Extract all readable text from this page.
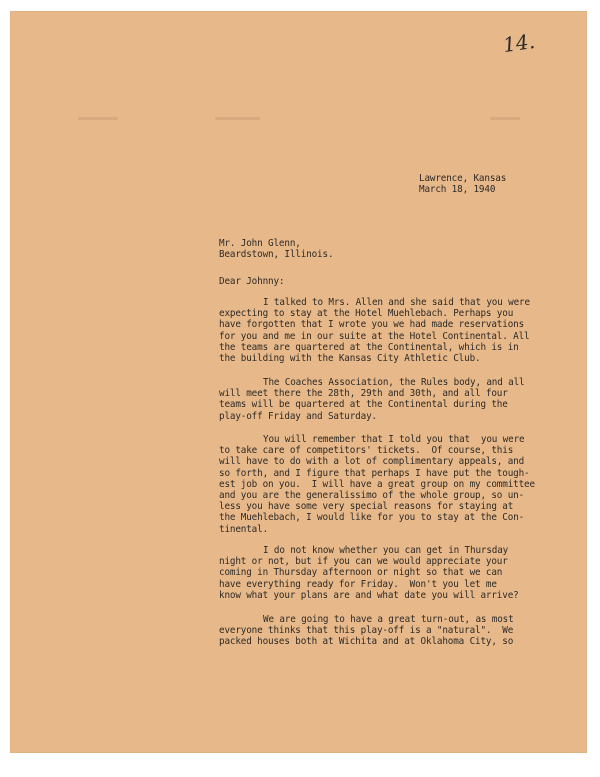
14.
Lawrence, Kansas
March 18, 1940
Mr. John Glenn,
Beardstown, Illinois.
Dear Johnny:
I talked to Mrs. Allen and she said that you were
expecting to stay at the Hotel Muehlebach. Perhaps you
have forgotten that I wrote you we had made reservations
for you and me in our suite at the Hotel Continental. All
the teams are quartered at the Continental, which is in
the building with the Kansas City Athletic Club.
The Coaches Association, the Rules body, and all
will meet there the 28th, 29th and 30th, and all four
teams will be quartered at the Continental during the
play-off Friday and Saturday.
You will remember that I told you that  you were
to take care of competitors' tickets.  Of course, this
will have to do with a lot of complimentary appeals, and
so forth, and I figure that perhaps I have put the tough-
est job on you.  I will have a great group on my committee
and you are the generalissimo of the whole group, so un-
less you have some very special reasons for staying at
the Muehlebach, I would like for you to stay at the Con-
tinental.
I do not know whether you can get in Thursday
night or not, but if you can we would appreciate your
coming in Thursday afternoon or night so that we can
have everything ready for Friday.  Won't you let me
know what your plans are and what date you will arrive?
We are going to have a great turn-out, as most
everyone thinks that this play-off is a "natural".  We
packed houses both at Wichita and at Oklahoma City, so
